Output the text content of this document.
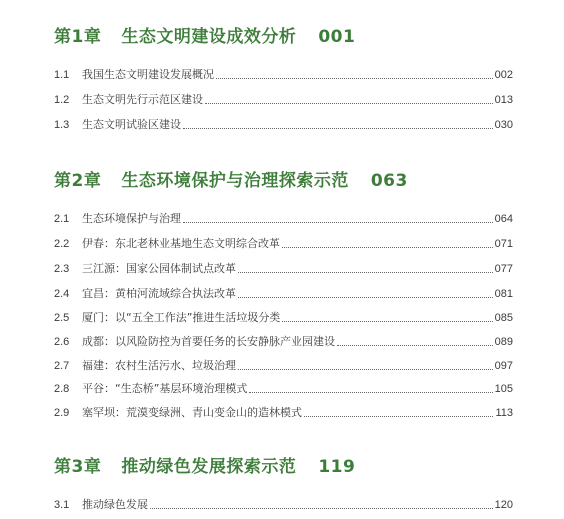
第1章 生态文明建设成效分析 001
1.1	我国生态文明建设发展概况	002
1.2	生态文明先行示范区建设	013
1.3	生态文明试验区建设	030
第2章 生态环境保护与治理探索示范 063
2.1	生态环境保护与治理	064
2.2	伊春：东北老林业基地生态文明综合改革	071
2.3	三江源：国家公园体制试点改革	077
2.4	宜昌：黄柏河流域综合执法改革	081
2.5	厦门：以“五全工作法”推进生活垃圾分类	085
2.6	成都：以风险防控为首要任务的长安静脉产业园建设	089
2.7	福建：农村生活污水、垃圾治理	097
2.8	平谷：“生态桥”基层环境治理模式	105
2.9	塞罕坝：荒漠变绿洲、青山变金山的造林模式	113
第3章 推动绿色发展探索示范 119
3.1	推动绿色发展	120
